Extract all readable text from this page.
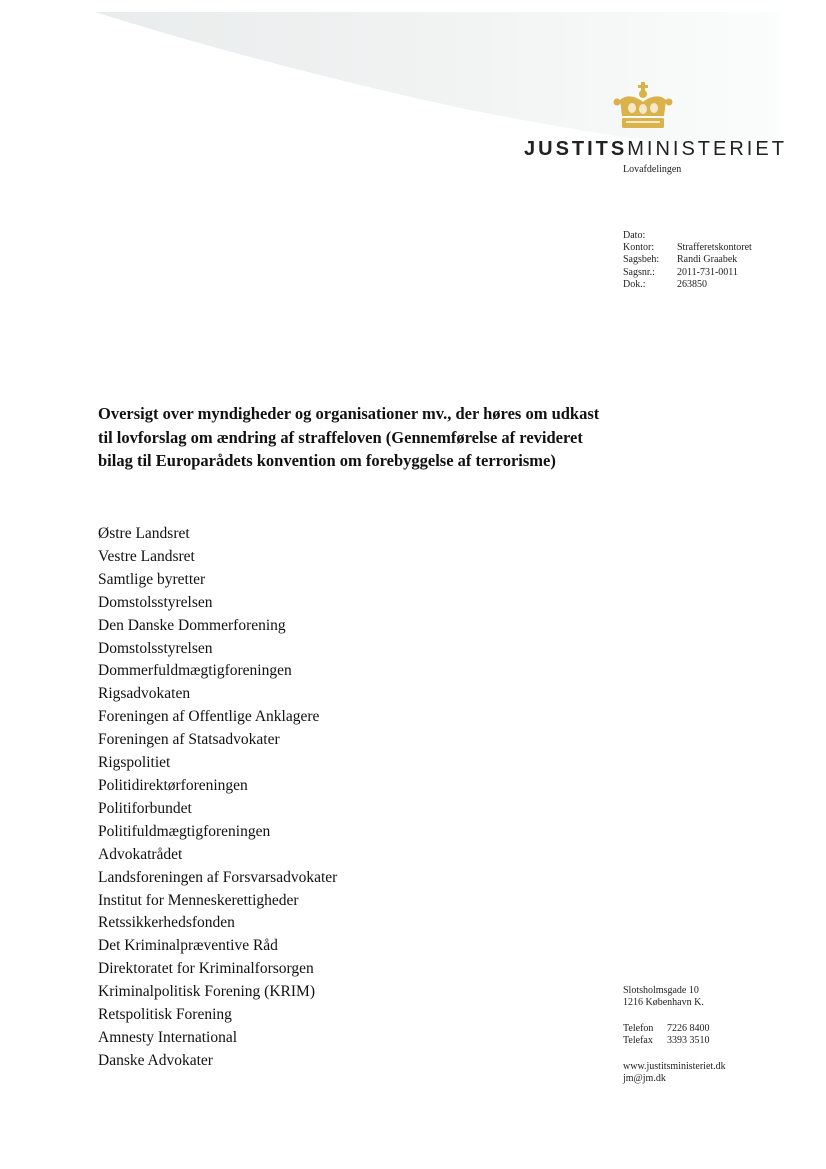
JUSTITSMINISTERIET
Lovafdelingen
Dato:
Kontor:	Strafferetskontoret
Sagsbeh:	Randi Graabek
Sagsnr.:	2011-731-0011
Dok.:	263850

Oversigt over myndigheder og organisationer mv., der høres om udkast til lovforslag om ændring af straffeloven (Gennemførelse af revideret bilag til Europarådets konvention om forebyggelse af terrorisme)

Østre Landsret
Vestre Landsret
Samtlige byretter
Domstolsstyrelsen
Den Danske Dommerforening
Domstolsstyrelsen
Dommerfuldmægtigforeningen
Rigsadvokaten
Foreningen af Offentlige Anklagere
Foreningen af Statsadvokater
Rigspolitiet
Politidirektørforeningen
Politiforbundet
Politifuldmægtigforeningen
Advokatrådet
Landsforeningen af Forsvarsadvokater
Institut for Menneskerettigheder
Retssikkerhedsfonden
Det Kriminalpræventive Råd
Direktoratet for Kriminalforsorgen
Kriminalpolitisk Forening (KRIM)
Retspolitisk Forening
Amnesty International
Danske Advokater
Slotsholmsgade 10
1216 København K.
Telefon 7226 8400
Telefax 3393 3510
www.justitsministeriet.dk
jm@jm.dk
